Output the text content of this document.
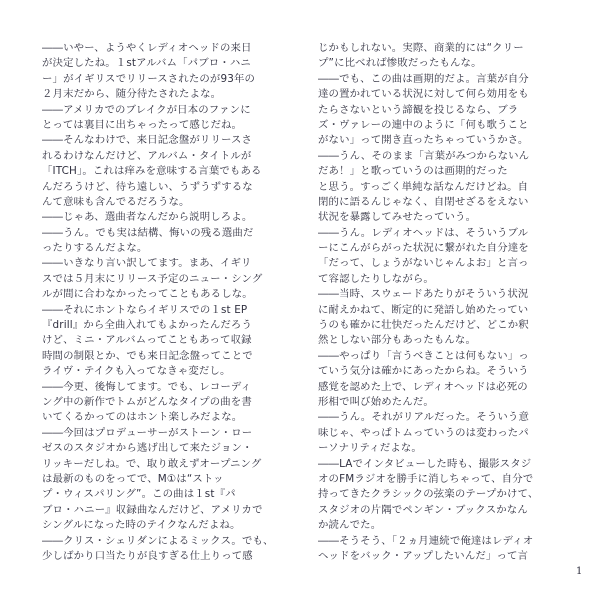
――いやー、ようやくレディオヘッドの来日
が決定したね。１stアルバム「パブロ・ハニ
ー」がイギリスでリリースされたのが93年の
２月末だから、随分待たされたよな。
――アメリカでのブレイクが日本のファンに
とっては裏目に出ちゃったって感じだね。
――そんなわけで、来日記念盤がリリースさ
れるわけなんだけど、アルバム・タイトルが
「ITCH」。これは痒みを意味する言葉でもある
んだろうけど、待ち遠しい、うずうずするな
んて意味も含んでるだろうな。
――じゃあ、選曲者なんだから説明しろよ。
――うん。でも実は結構、悔いの残る選曲だ
ったりするんだよな。
――いきなり言い訳してます。まあ、イギリ
スでは５月末にリリース予定のニュー・シング
ルが間に合わなかったってこともあるしな。
――それにホントならイギリスでの１st EP
『drill』から全曲入れてもよかったんだろう
けど、ミニ・アルバムってこともあって収録
時間の制限とか、でも来日記念盤ってことで
ライヴ・テイクも入ってなきゃ変だし。
――今更、後悔してます。でも、レコーディ
ング中の新作でトムがどんなタイプの曲を書
いてくるかってのはホント楽しみだよな。
――今回はプロデューサーがストーン・ロー
ゼスのスタジオから逃げ出して来たジョン・
リッキーだしね。で、取り敢えずオープニング
は最新のものをってで、M①は“ストッ
プ・ウィスパリング”。この曲は１st『パ
ブロ・ハニー』収録曲なんだけど、アメリカで
シングルになった時のテイクなんだよね。
――クリス・シェリダンによるミックス。でも、
少しばかり口当たりが良すぎる仕上りって感
じかもしれない。実際、商業的には“クリー
プ”に比べれば惨敗だったもんな。
――でも、この曲は画期的だよ。言葉が自分
達の置かれている状況に対して何ら効用をも
たらさないという諦観を投じるなら、ブラ
ズ・ヴァレーの連中のように「何も歌うこと
がない」って開き直ったちゃっていうかさ。
――うん、そのまま「言葉がみつからないん
だあ！」と歌っていうのは画期的だった
と思う。すっごく単純な話なんだけどね。自
閉的に語るんじゃなく、自閉せざるをえない
状況を暴露してみせたっていう。
――うん。レディオヘッドは、そういうブル
ーにこんがらがった状況に繋がれた自分達を
「だって、しょうがないじゃんよお」と言っ
て容認したりしながら。
――当時、スウェードあたりがそういう状況
に耐えかねて、断定的に発語し始めたってい
うのも確かに壮快だったんだけど、どこか釈
然としない部分もあったもんな。
――やっぱり「言うべきことは何もない」っ
ていう気分は確かにあったからね。そういう
感覚を認めた上で、レディオヘッドは必死の
形相で叫び始めたんだ。
――うん。それがリアルだった。そういう意
味じゃ、やっぱトムっていうのは変わったパ
ーソナリティだよな。
――LAでインタビューした時も、撮影スタジ
オのFMラジオを勝手に消しちゃって、自分で
持ってきたクラシックの弦楽のテープかけて、
スタジオの片隅でペンギン・ブックスかなん
か読んでた。
――そうそう、「２ヵ月連続で俺達はレディオ
ヘッドをバック・アップしたいんだ」って言
1
